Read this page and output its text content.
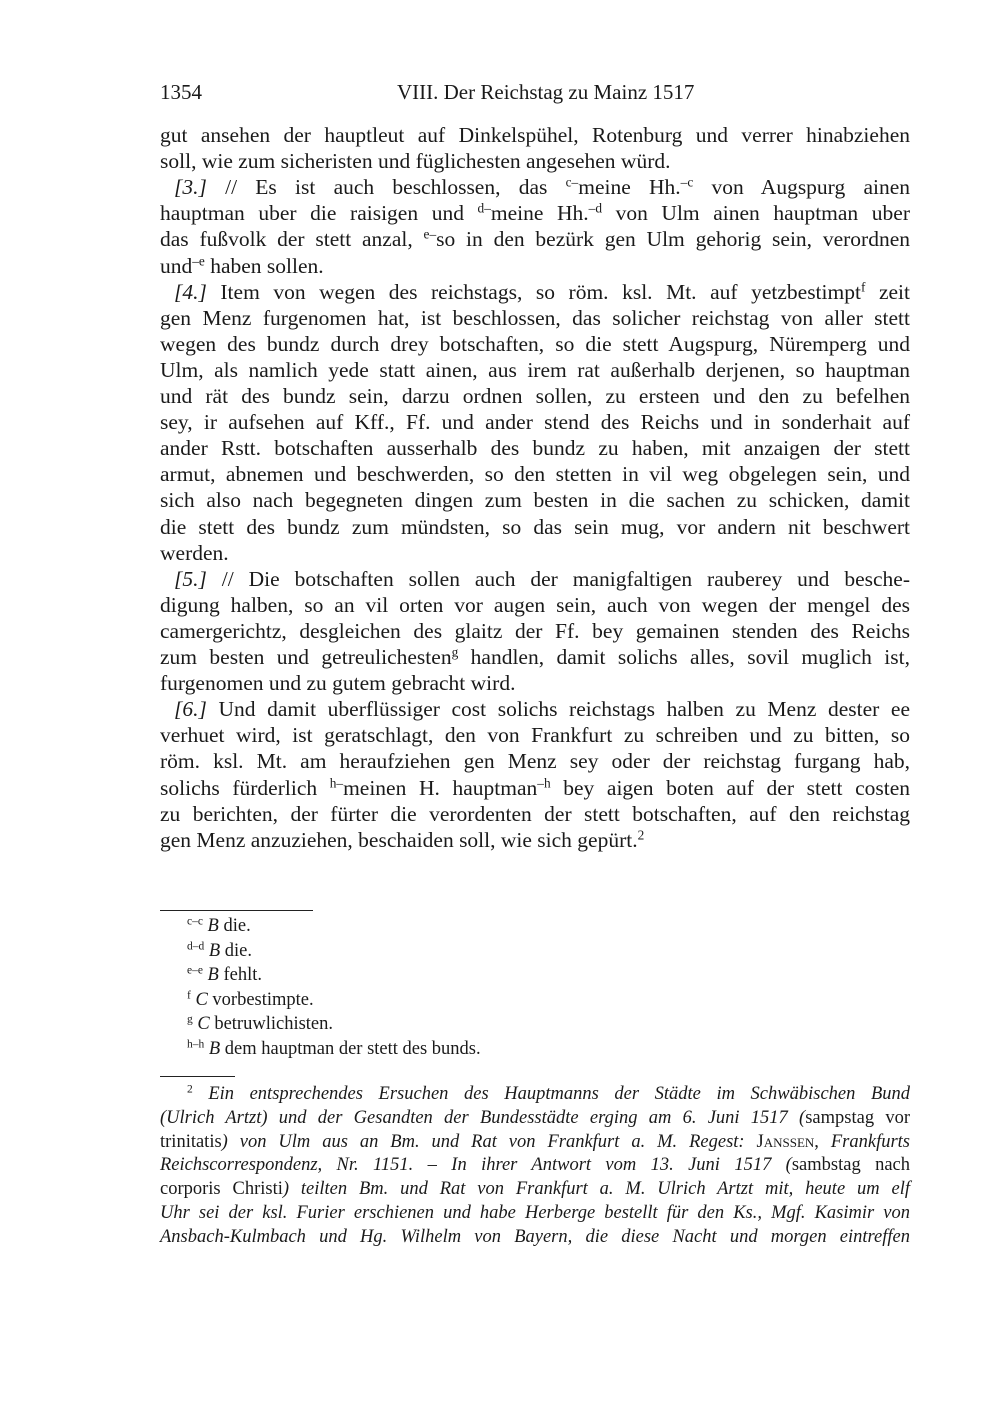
1354	VIII. Der Reichstag zu Mainz 1517
gut ansehen der hauptleut auf Dinkelspühel, Rotenburg und verrer hinabziehen
soll, wie zum sicheristen und füglichesten angesehen würd.
[3.] // Es ist auch beschlossen, das $^{c-}$meine Hh.$^{-c}$ von Augspurg ainen
hauptman uber die raisigen und $^{d-}$meine Hh.$^{-d}$ von Ulm ainen hauptman uber
das fußvolk der stett anzal, $^{e-}$so in den bezürk gen Ulm gehorig sein, verordnen
und$^{-e}$ haben sollen.
[4.] Item von wegen des reichstags, so röm. ksl. Mt. auf yetzbestimpt$^f$ zeit
gen Menz furgenomen hat, ist beschlossen, das solicher reichstag von aller stett
wegen des bundz durch drey botschaften, so die stett Augspurg, Nüremperg und
Ulm, als namlich yede statt ainen, aus irem rat außerhalb derjenen, so hauptman
und rät des bundz sein, darzu ordnen sollen, zu ersteen und den zu befelhen
sey, ir aufsehen auf Kff., Ff. und ander stend des Reichs und in sonderhait auf
ander Rstt. botschaften ausserhalb des bundz zu haben, mit anzaigen der stett
armut, abnemen und beschwerden, so den stetten in vil weg obgelegen sein, und
sich also nach begegneten dingen zum besten in die sachen zu schicken, damit
die stett des bundz zum mündsten, so das sein mug, vor andern nit beschwert
werden.
[5.] // Die botschaften sollen auch der manigfaltigen rauberey und besche-
digung halben, so an vil orten vor augen sein, auch von wegen der mengel des
camergerichtz, desgleichen des glaitz der Ff. bey gemainen stenden des Reichs
zum besten und getreulichesten$^g$ handlen, damit solichs alles, sovil muglich ist,
furgenomen und zu gutem gebracht wird.
[6.] Und damit uberflüssiger cost solichs reichstags halben zu Menz dester ee
verhuet wird, ist geratschlagt, den von Frankfurt zu schreiben und zu bitten, so
röm. ksl. Mt. am heraufziehen gen Menz sey oder der reichstag furgang hab,
solichs fürderlich $^{h-}$meinen H. hauptman$^{-h}$ bey aigen boten auf der stett costen
zu berichten, der fürter die verordenten der stett botschaften, auf den reichstag
gen Menz anzuziehen, beschaiden soll, wie sich gepürt.$^2$
$^{c-c}$ B die.
$^{d-d}$ B die.
$^{e-e}$ B fehlt.
$^f$ C vorbestimpte.
$^g$ C betruwlichisten.
$^{h-h}$ B dem hauptman der stett des bunds.
$^2$ Ein entsprechendes Ersuchen des Hauptmanns der Städte im Schwäbischen Bund
(Ulrich Artzt) und der Gesandten der Bundesstädte erging am 6. Juni 1517 (sampstag vor
trinitatis) von Ulm aus an Bm. und Rat von Frankfurt a. M. Regest: Janssen, Frankfurts
Reichscorrespondenz, Nr. 1151. – In ihrer Antwort vom 13. Juni 1517 (sambstag nach
corporis Christi) teilten Bm. und Rat von Frankfurt a. M. Ulrich Artzt mit, heute um elf
Uhr sei der ksl. Furier erschienen und habe Herberge bestellt für den Ks., Mgf. Kasimir von
Ansbach-Kulmbach und Hg. Wilhelm von Bayern, die diese Nacht und morgen eintreffen
